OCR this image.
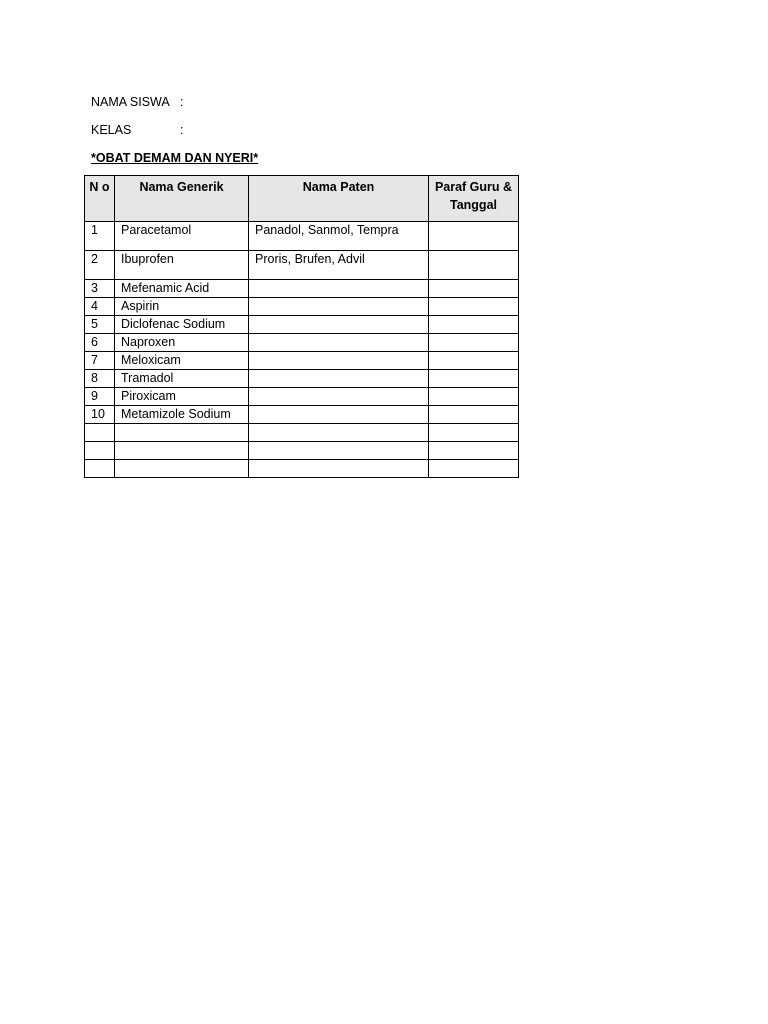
NAMA SISWA :
KELAS	:
*OBAT DEMAM DAN NYERI*
N o	Nama Generik	Nama Paten	Paraf Guru & Tanggal
1	Paracetamol	Panadol, Sanmol, Tempra	
2	Ibuprofen	Proris, Brufen, Advil	
3	Mefenamic Acid		
4	Aspirin		
5	Diclofenac Sodium		
6	Naproxen		
7	Meloxicam		
8	Tramadol		
9	Piroxicam		
10	Metamizole Sodium		
